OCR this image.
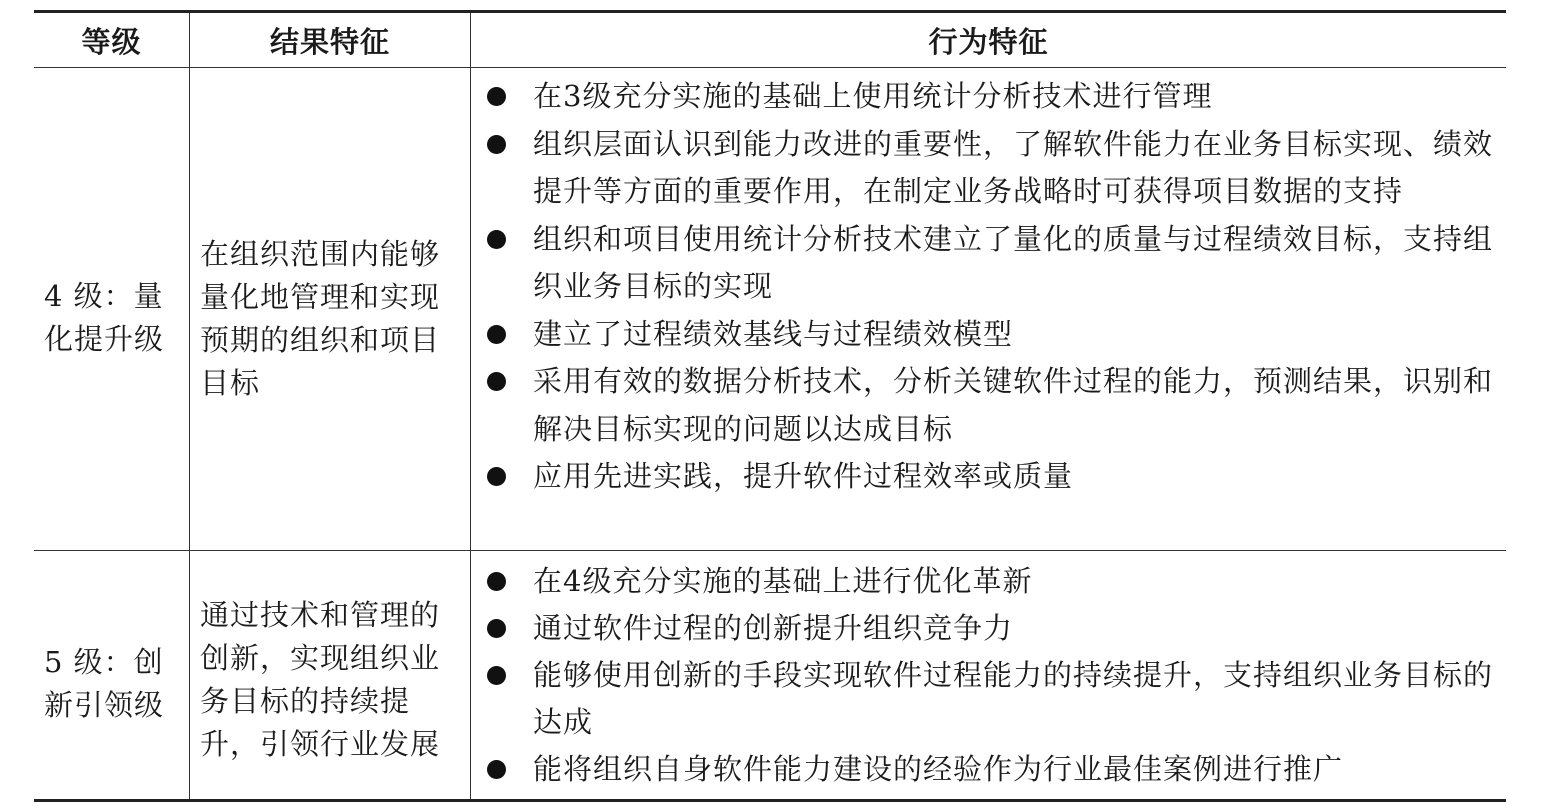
等级	结果特征	行为特征
4 级：量化提升级
在组织范围内能够量化地管理和实现预期的组织和项目目标
在3级充分实施的基础上使用统计分析技术进行管理
组织层面认识到能力改进的重要性，了解软件能力在业务目标实现、绩效提升等方面的重要作用，在制定业务战略时可获得项目数据的支持
组织和项目使用统计分析技术建立了量化的质量与过程绩效目标，支持组织业务目标的实现
建立了过程绩效基线与过程绩效模型
采用有效的数据分析技术，分析关键软件过程的能力，预测结果，识别和解决目标实现的问题以达成目标
应用先进实践，提升软件过程效率或质量
5 级：创新引领级
通过技术和管理的创新，实现组织业务目标的持续提升，引领行业发展
在4级充分实施的基础上进行优化革新
通过软件过程的创新提升组织竞争力
能够使用创新的手段实现软件过程能力的持续提升，支持组织业务目标的达成
能将组织自身软件能力建设的经验作为行业最佳案例进行推广
